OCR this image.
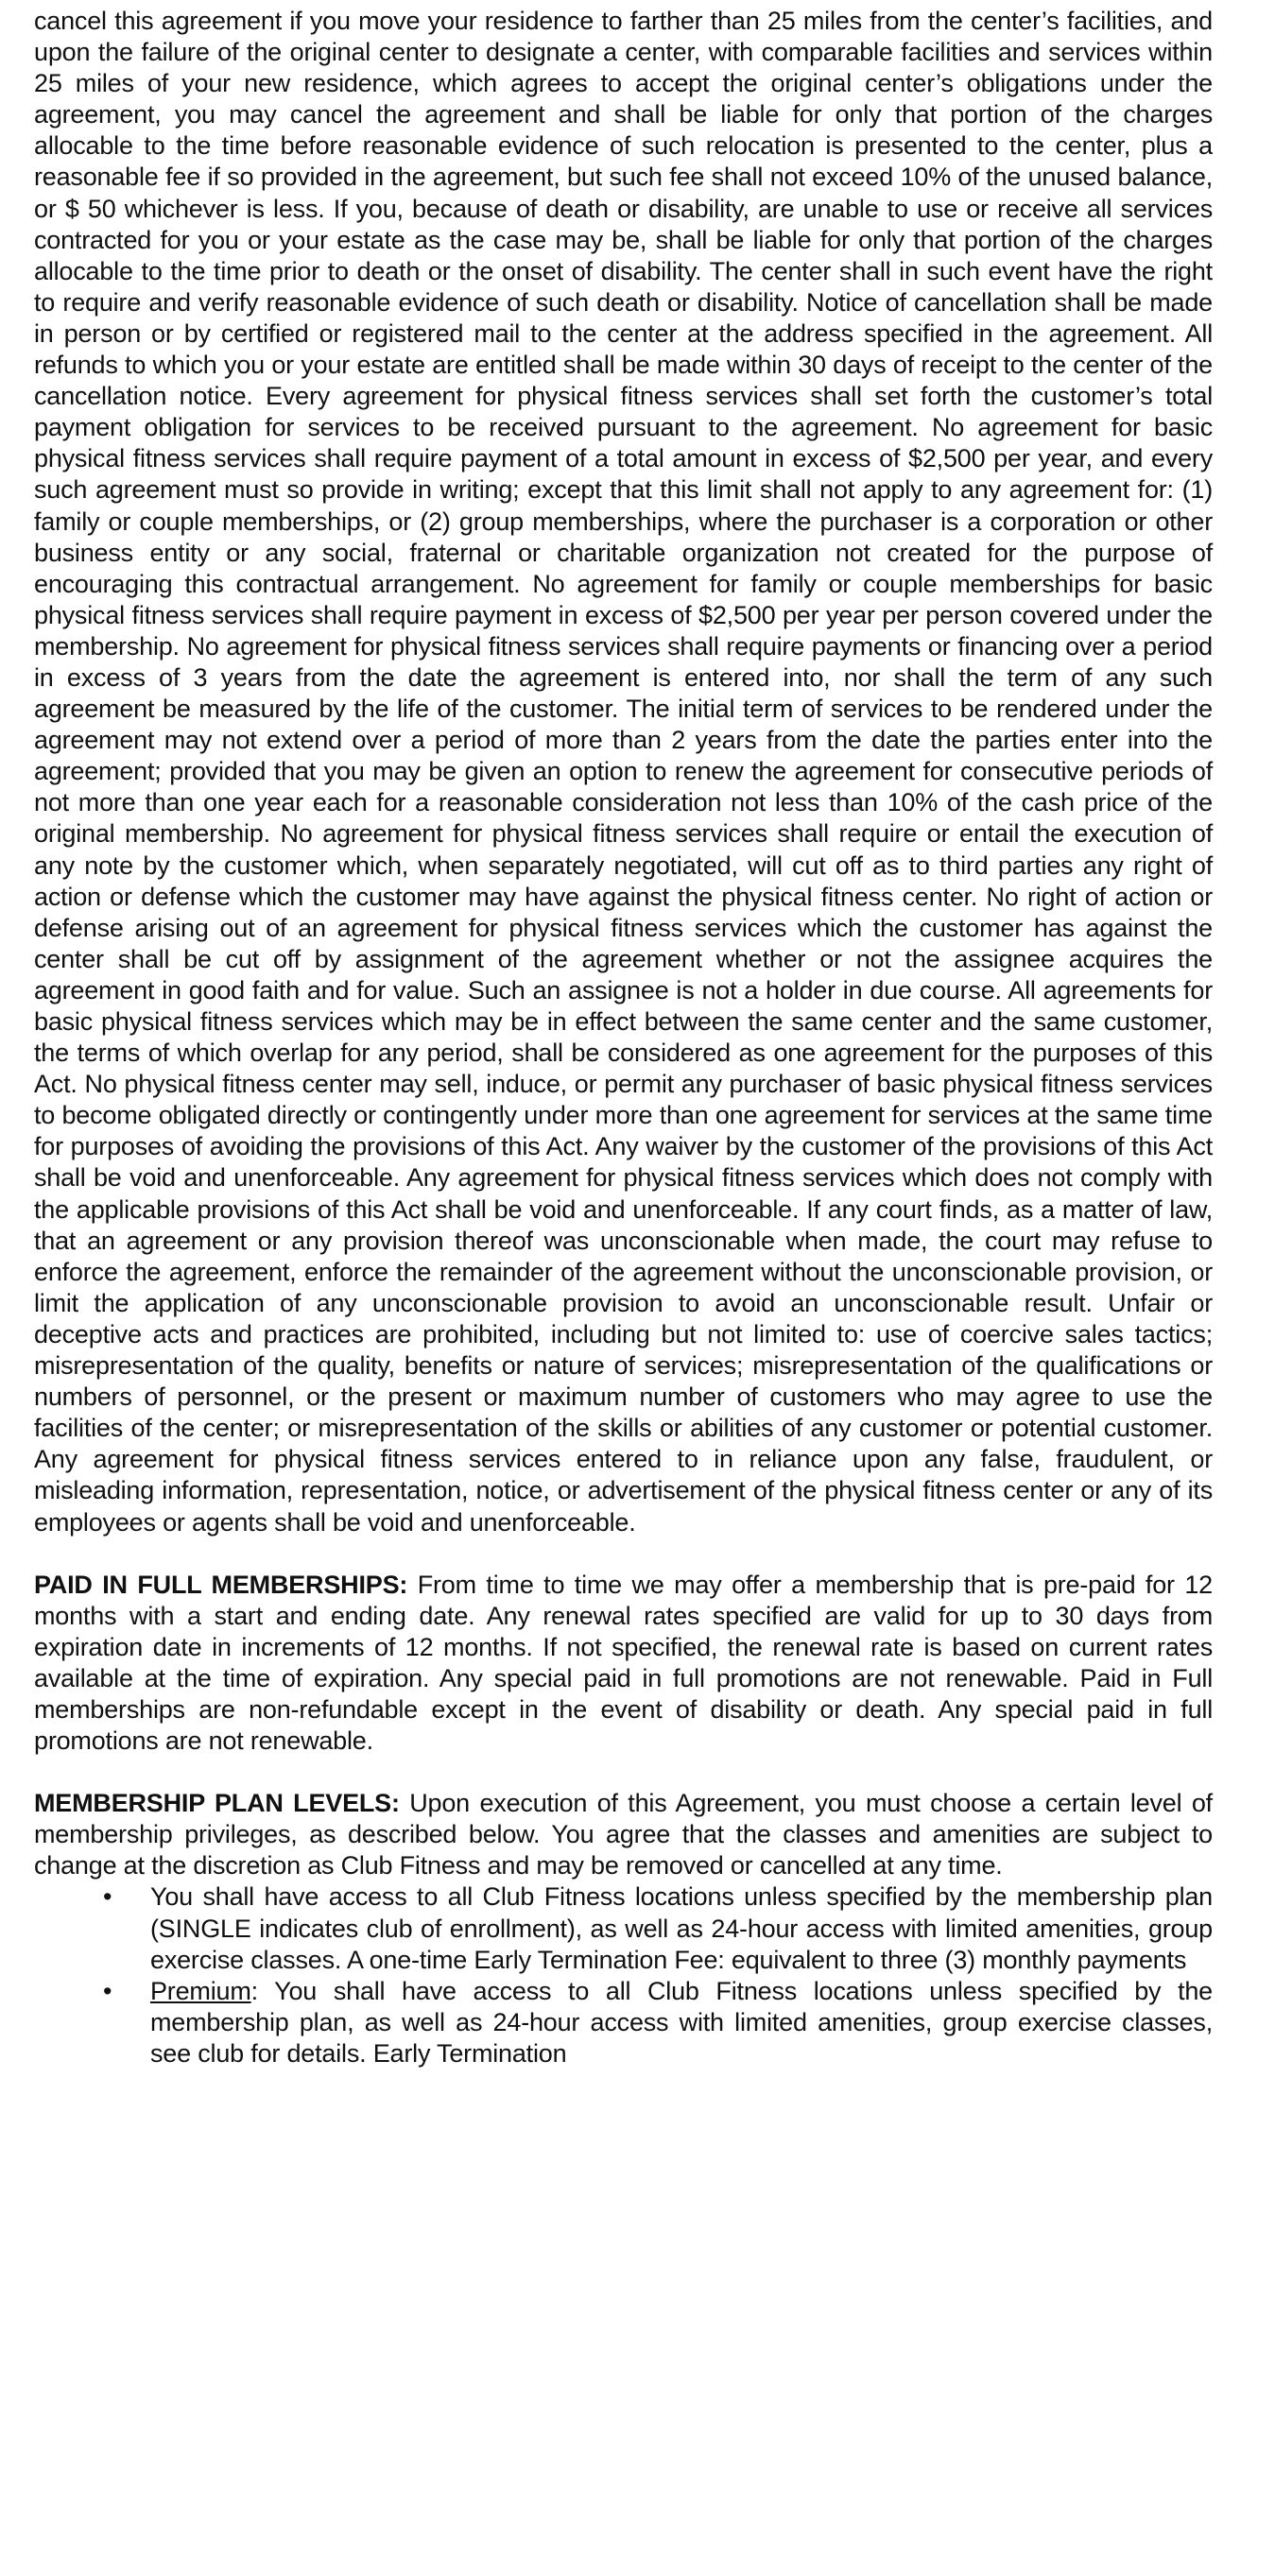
cancel this agreement if you move your residence to farther than 25 miles from the center’s facilities, and upon the failure of the original center to designate a center, with comparable facilities and services within 25 miles of your new residence, which agrees to accept the original center’s obligations under the agreement, you may cancel the agreement and shall be liable for only that portion of the charges allocable to the time before reasonable evidence of such relocation is presented to the center, plus a reasonable fee if so provided in the agreement, but such fee shall not exceed 10% of the unused balance, or $ 50 whichever is less. If you, because of death or disability, are unable to use or receive all services contracted for you or your estate as the case may be, shall be liable for only that portion of the charges allocable to the time prior to death or the onset of disability. The center shall in such event have the right to require and verify reasonable evidence of such death or disability. Notice of cancellation shall be made in person or by certified or registered mail to the center at the address specified in the agreement. All refunds to which you or your estate are entitled shall be made within 30 days of receipt to the center of the cancellation notice. Every agreement for physical fitness services shall set forth the customer’s total payment obligation for services to be received pursuant to the agreement. No agreement for basic physical fitness services shall require payment of a total amount in excess of $2,500 per year, and every such agreement must so provide in writing; except that this limit shall not apply to any agreement for: (1) family or couple memberships, or (2) group memberships, where the purchaser is a corporation or other business entity or any social, fraternal or charitable organization not created for the purpose of encouraging this contractual arrangement. No agreement for family or couple memberships for basic physical fitness services shall require payment in excess of $2,500 per year per person covered under the membership. No agreement for physical fitness services shall require payments or financing over a period in excess of 3 years from the date the agreement is entered into, nor shall the term of any such agreement be measured by the life of the customer. The initial term of services to be rendered under the agreement may not extend over a period of more than 2 years from the date the parties enter into the agreement; provided that you may be given an option to renew the agreement for consecutive periods of not more than one year each for a reasonable consideration not less than 10% of the cash price of the original membership. No agreement for physical fitness services shall require or entail the execution of any note by the customer which, when separately negotiated, will cut off as to third parties any right of action or defense which the customer may have against the physical fitness center. No right of action or defense arising out of an agreement for physical fitness services which the customer has against the center shall be cut off by assignment of the agreement whether or not the assignee acquires the agreement in good faith and for value. Such an assignee is not a holder in due course. All agreements for basic physical fitness services which may be in effect between the same center and the same customer, the terms of which overlap for any period, shall be considered as one agreement for the purposes of this Act. No physical fitness center may sell, induce, or permit any purchaser of basic physical fitness services to become obligated directly or contingently under more than one agreement for services at the same time for purposes of avoiding the provisions of this Act. Any waiver by the customer of the provisions of this Act shall be void and unenforceable. Any agreement for physical fitness services which does not comply with the applicable provisions of this Act shall be void and unenforceable. If any court finds, as a matter of law, that an agreement or any provision thereof was unconscionable when made, the court may refuse to enforce the agreement, enforce the remainder of the agreement without the unconscionable provision, or limit the application of any unconscionable provision to avoid an unconscionable result. Unfair or deceptive acts and practices are prohibited, including but not limited to: use of coercive sales tactics; misrepresentation of the quality, benefits or nature of services; misrepresentation of the qualifications or numbers of personnel, or the present or maximum number of customers who may agree to use the facilities of the center; or misrepresentation of the skills or abilities of any customer or potential customer. Any agreement for physical fitness services entered to in reliance upon any false, fraudulent, or misleading information, representation, notice, or advertisement of the physical fitness center or any of its employees or agents shall be void and unenforceable.

PAID IN FULL MEMBERSHIPS: From time to time we may offer a membership that is pre-paid for 12 months with a start and ending date. Any renewal rates specified are valid for up to 30 days from expiration date in increments of 12 months. If not specified, the renewal rate is based on current rates available at the time of expiration. Any special paid in full promotions are not renewable. Paid in Full memberships are non-refundable except in the event of disability or death. Any special paid in full promotions are not renewable.

MEMBERSHIP PLAN LEVELS: Upon execution of this Agreement, you must choose a certain level of membership privileges, as described below. You agree that the classes and amenities are subject to change at the discretion as Club Fitness and may be removed or cancelled at any time.

• You shall have access to all Club Fitness locations unless specified by the membership plan (SINGLE indicates club of enrollment), as well as 24-hour access with limited amenities, group exercise classes. A one-time Early Termination Fee: equivalent to three (3) monthly payments
• Premium: You shall have access to all Club Fitness locations unless specified by the membership plan, as well as 24-hour access with limited amenities, group exercise classes, see club for details. Early Termination
